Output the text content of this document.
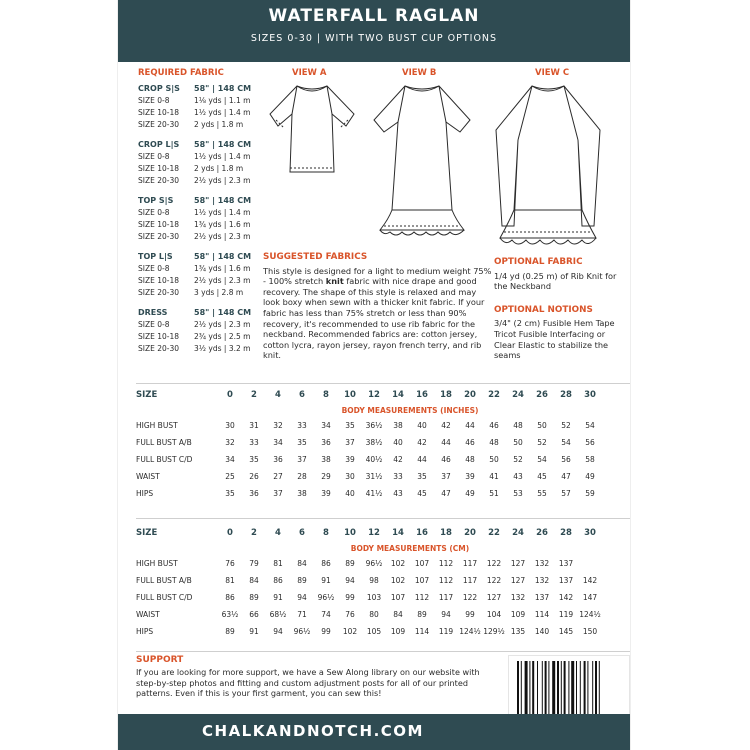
WATERFALL RAGLAN
SIZES 0-30 | WITH TWO BUST CUP OPTIONS
REQUIRED FABRIC
CROP S|S	58" | 148 CM
SIZE 0-8	1⅛ yds | 1.1 m
SIZE 10-18	1½ yds | 1.4 m
SIZE 20-30	2 yds | 1.8 m
CROP L|S	58" | 148 CM
SIZE 0-8	1½ yds | 1.4 m
SIZE 10-18	2 yds | 1.8 m
SIZE 20-30	2½ yds | 2.3 m
TOP S|S	58" | 148 CM
SIZE 0-8	1½ yds | 1.4 m
SIZE 10-18	1¾ yds | 1.6 m
SIZE 20-30	2½ yds | 2.3 m
TOP L|S	58" | 148 CM
SIZE 0-8	1¾ yds | 1.6 m
SIZE 10-18	2½ yds | 2.3 m
SIZE 20-30	3 yds | 2.8 m
DRESS	58" | 148 CM
SIZE 0-8	2½ yds | 2.3 m
SIZE 10-18	2¾ yds | 2.5 m
SIZE 20-30	3½ yds | 3.2 m
VIEW A	VIEW B	VIEW C
SUGGESTED FABRICS
This style is designed for a light to medium weight 75% - 100% stretch knit fabric with nice drape and good recovery. The shape of this style is relaxed and may look boxy when sewn with a thicker knit fabric. If your fabric has less than 75% stretch or less than 90% recovery, it's recommended to use rib fabric for the neckband. Recommended fabrics are: cotton jersey, cotton lycra, rayon jersey, rayon french terry, and rib knit.
OPTIONAL FABRIC
1/4 yd (0.25 m) of Rib Knit for the Neckband
OPTIONAL NOTIONS
3/4" (2 cm) Fusible Hem Tape
Tricot Fusible Interfacing or Clear Elastic to stabilize the seams
SIZE	0	2	4	6	8	10	12	14	16	18	20	22	24	26	28	30
	BODY MEASUREMENTS (INCHES)															
HIGH BUST	30	31	32	33	34	35	36½	38	40	42	44	46	48	50	52	54
FULL BUST A/B	32	33	34	35	36	37	38½	40	42	44	46	48	50	52	54	56
FULL BUST C/D	34	35	36	37	38	39	40½	42	44	46	48	50	52	54	56	58
WAIST	25	26	27	28	29	30	31½	33	35	37	39	41	43	45	47	49
HIPS	35	36	37	38	39	40	41½	43	45	47	49	51	53	55	57	59
SIZE	0	2	4	6	8	10	12	14	16	18	20	22	24	26	28	30
	BODY MEASUREMENTS (CM)															
HIGH BUST	76	79	81	84	86	89	96½	102	107	112	117	122	127	132	137	
FULL BUST A/B	81	84	86	89	91	94	98	102	107	112	117	122	127	132	137	142
FULL BUST C/D	86	89	91	94	96½	99	103	107	112	117	122	127	132	137	142	147
WAIST	63½	66	68½	71	74	76	80	84	89	94	99	104	109	114	119	124½
HIPS	89	91	94	96½	99	102	105	109	114	119	124½	129½	135	140	145	150
SUPPORT
If you are looking for more support, we have a Sew Along library on our website with step-by-step photos and fitting and custom adjustment posts for all of our printed patterns. Even if this is your first garment, you can sew this!
CHALKANDNOTCH.COM
